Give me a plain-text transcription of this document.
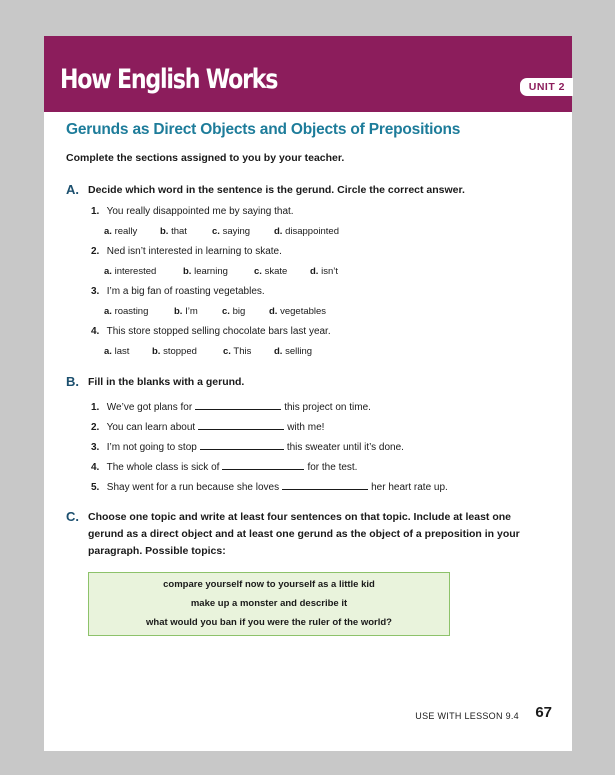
How English Works	UNIT 2
Gerunds as Direct Objects and Objects of Prepositions
Complete the sections assigned to you by your teacher.
A. Decide which word in the sentence is the gerund. Circle the correct answer.
1. You really disappointed me by saying that.
a. really b. that	c. saying	d. disappointed
2. Ned isn’t interested in learning to skate.
a. interested	b. learning	c. skate d. isn’t
3. I’m a big fan of roasting vegetables.
a. roasting	b. I’m	c. big d. vegetables
4. This store stopped selling chocolate bars last year.
a. last b. stopped	c. This d. selling
B. Fill in the blanks with a gerund.
1. We’ve got plans for	this project on time.
2. You can learn about	with me!
3. I’m not going to stop	this sweater until it’s done.
4. The whole class is sick of	for the test.
5. Shay went for a run because she loves	her heart rate up.
C. Choose one topic and write at least four sentences on that topic. Include at least one
gerund as a direct object and at least one gerund as the object of a preposition in your
paragraph. Possible topics:
compare yourself now to yourself as a little kid
make up a monster and describe it
what would you ban if you were the ruler of the world?
USE WITH LESSON 9.4 67
